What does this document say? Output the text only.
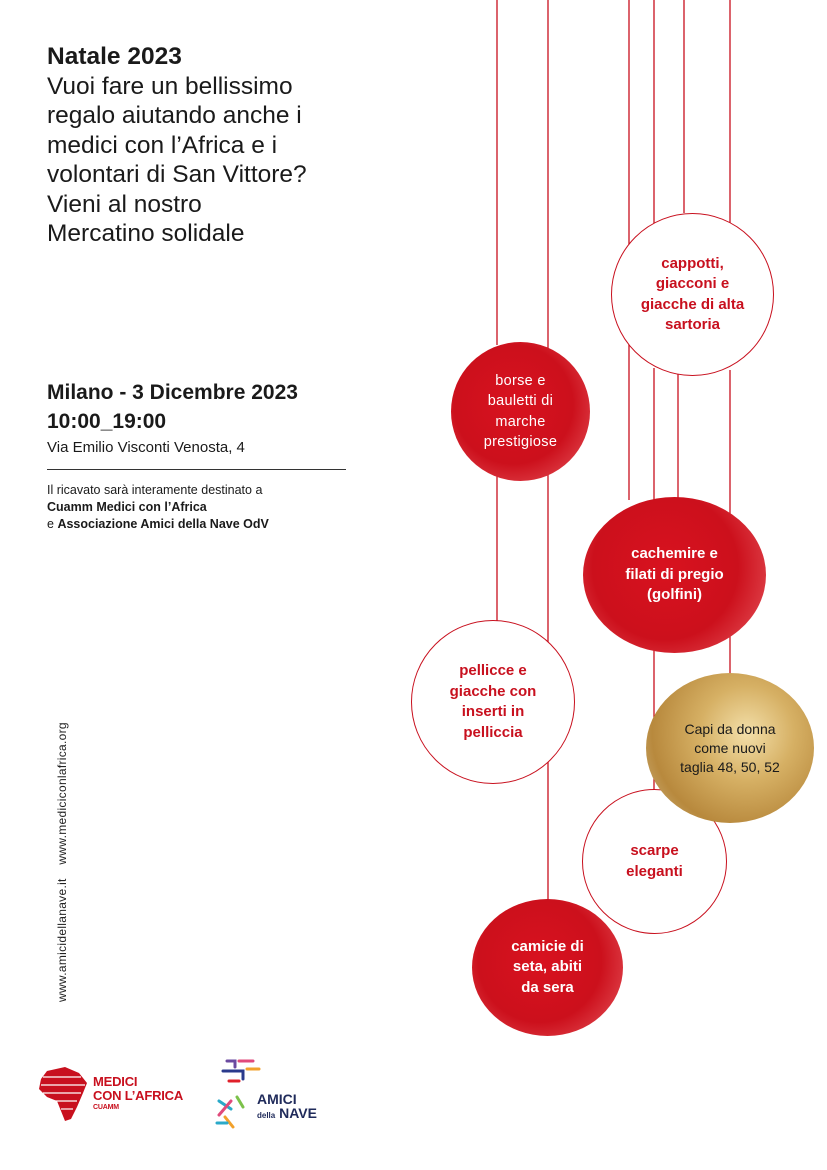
Natale 2023
Vuoi fare un bellissimo
regalo aiutando anche i
medici con l’Africa e i
volontari di San Vittore?
Vieni al nostro
Mercatino solidale
Milano - 3 Dicembre 2023
10:00_19:00
Via Emilio Visconti Venosta, 4
Il ricavato sarà interamente destinato a
Cuamm Medici con l’Africa
e Associazione Amici della Nave OdV
www.amicidellanave.it www.mediciconlafrica.org
cappotti,
giacconi e
giacche di alta
sartoria
borse e
bauletti di
marche
prestigiose
cachemire e
filati di pregio
(golfini)
pellicce e
giacche con
inserti in
pelliccia
scarpe
eleganti
Capi da donna
come nuovi
taglia 48, 50, 52
camicie di
seta, abiti
da sera
MEDICI
CON L’AFRICA
CUAMM
AMICI
della NAVE
